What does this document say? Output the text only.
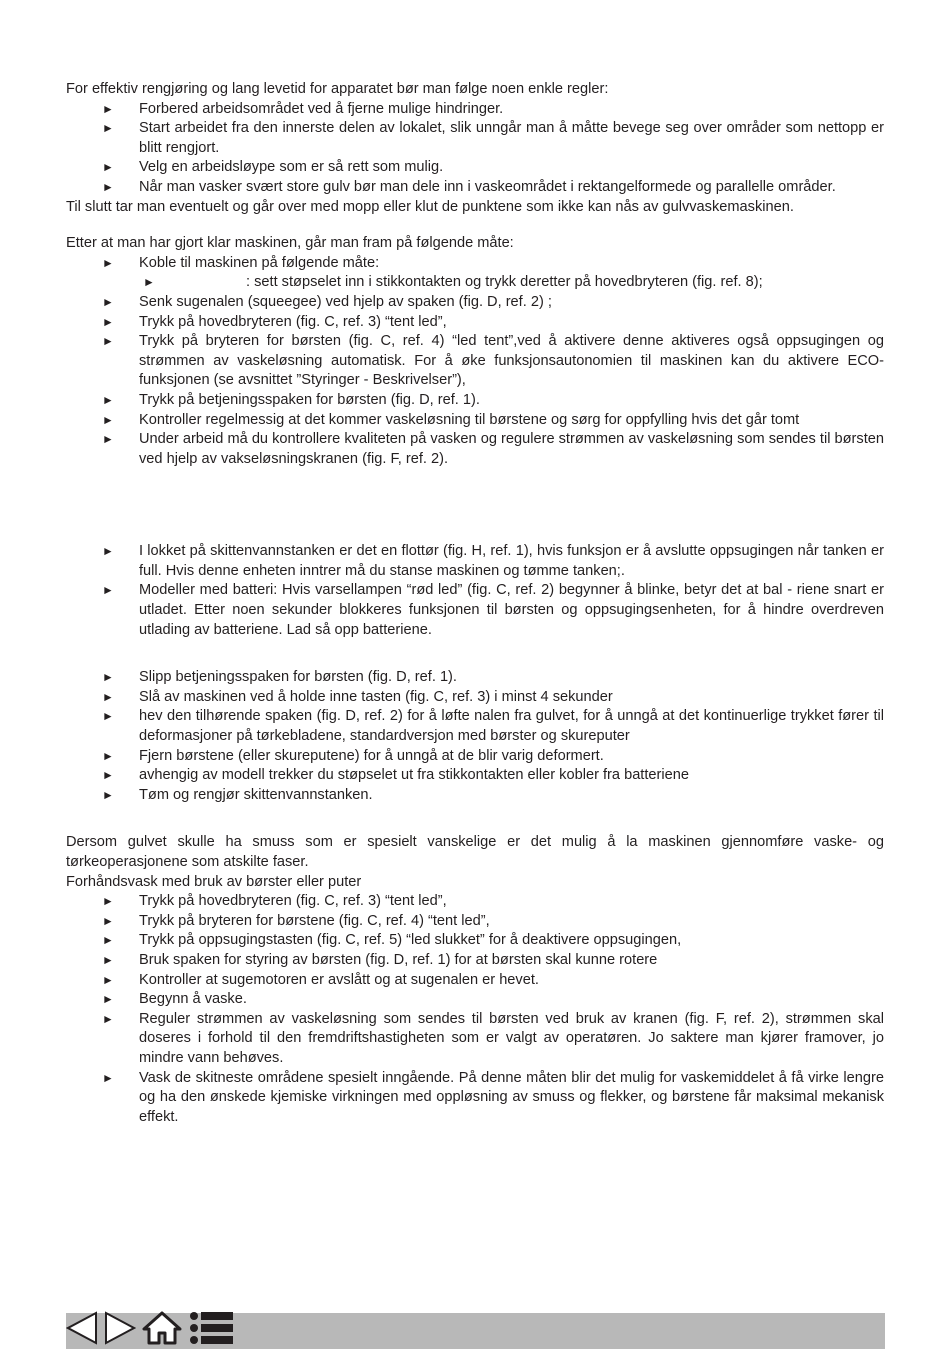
For effektiv rengjøring og lang levetid for apparatet bør man følge noen enkle regler:

► Forbered arbeidsområdet ved å fjerne mulige hindringer.
► Start arbeidet fra den innerste delen av lokalet, slik unngår man å måtte bevege seg over områder som nettopp er blitt rengjort.
► Velg en arbeidsløype som er så rett som mulig.
► Når man vasker svært store gulv bør man dele inn i vaskeområdet i rektangelformede og parallelle områder.

Til slutt tar man eventuelt og går over med mopp eller klut de punktene som ikke kan nås av gulvvaskemaskinen.

Etter at man har gjort klar maskinen, går man fram på følgende måte:

► Koble til maskinen på følgende måte:
►	: sett støpselet inn i stikkontakten og trykk deretter på hovedbryteren (fig. ref. 8);
► Senk sugenalen (squeegee) ved hjelp av spaken (fig. D, ref. 2) ;
► Trykk på hovedbryteren (fig. C, ref. 3) “tent led”,
► Trykk på bryteren for børsten (fig. C, ref. 4) “led tent”,ved å aktivere denne aktiveres også oppsugingen og strømmen av vaskeløsning automatisk. For å øke funksjonsautonomien til maskinen kan du aktivere ECO-funksjonen (se avsnittet ”Styringer - Beskrivelser”),
► Trykk på betjeningsspaken for børsten (fig. D, ref. 1).
► Kontroller regelmessig at det kommer vaskeløsning til børstene og sørg for oppfylling hvis det går tomt
► Under arbeid må du kontrollere kvaliteten på vasken og regulere strømmen av vaskeløsning som sendes til børsten ved hjelp av vakseløsningskranen (fig. F, ref. 2).
► I lokket på skittenvannstanken er det en flottør (fig. H, ref. 1), hvis funksjon er å avslutte oppsugingen når tanken er full. Hvis denne enheten inntrer må du stanse maskinen og tømme tanken;.
► Modeller med batteri: Hvis varsellampen “rød led” (fig. C, ref. 2) begynner å blinke, betyr det at bal - riene snart er utladet. Etter noen sekunder blokkeres funksjonen til børsten og oppsugingsenheten, for å hindre overdreven utlading av batteriene. Lad så opp batteriene.
► Slipp betjeningsspaken for børsten (fig. D, ref. 1).
► Slå av maskinen ved å holde inne tasten (fig. C, ref. 3) i minst 4 sekunder
► hev den tilhørende spaken (fig. D, ref. 2) for å løfte nalen fra gulvet, for å unngå at det kontinuerlige trykket fører til deformasjoner på tørkebladene, standardversjon med børster og skureputer
► Fjern børstene (eller skureputene) for å unngå at de blir varig deformert.
► avhengig av modell trekker du støpselet ut fra stikkontakten eller kobler fra batteriene
► Tøm og rengjør skittenvannstanken.

Dersom gulvet skulle ha smuss som er spesielt vanskelige er det mulig å la maskinen gjennomføre vaske- og tørkeoperasjonene som atskilte faser.

Forhåndsvask med bruk av børster eller puter

► Trykk på hovedbryteren (fig. C, ref. 3) “tent led”,
► Trykk på bryteren for børstene (fig. C, ref. 4) “tent led”,
► Trykk på oppsugingstasten (fig. C, ref. 5) “led slukket” for å deaktivere oppsugingen,
► Bruk spaken for styring av børsten (fig. D, ref. 1) for at børsten skal kunne rotere
► Kontroller at sugemotoren er avslått og at sugenalen er hevet.
► Begynn å vaske.
► Reguler strømmen av vaskeløsning som sendes til børsten ved bruk av kranen (fig. F, ref. 2), strømmen skal doseres i forhold til den fremdriftshastigheten som er valgt av operatøren. Jo saktere man kjører framover, jo mindre vann behøves.
► Vask de skitneste områdene spesielt inngående. På denne måten blir det mulig for vaskemiddelet å få virke lengre og ha den ønskede kjemiske virkningen med oppløsning av smuss og flekker, og børstene får maksimal mekanisk effekt.
